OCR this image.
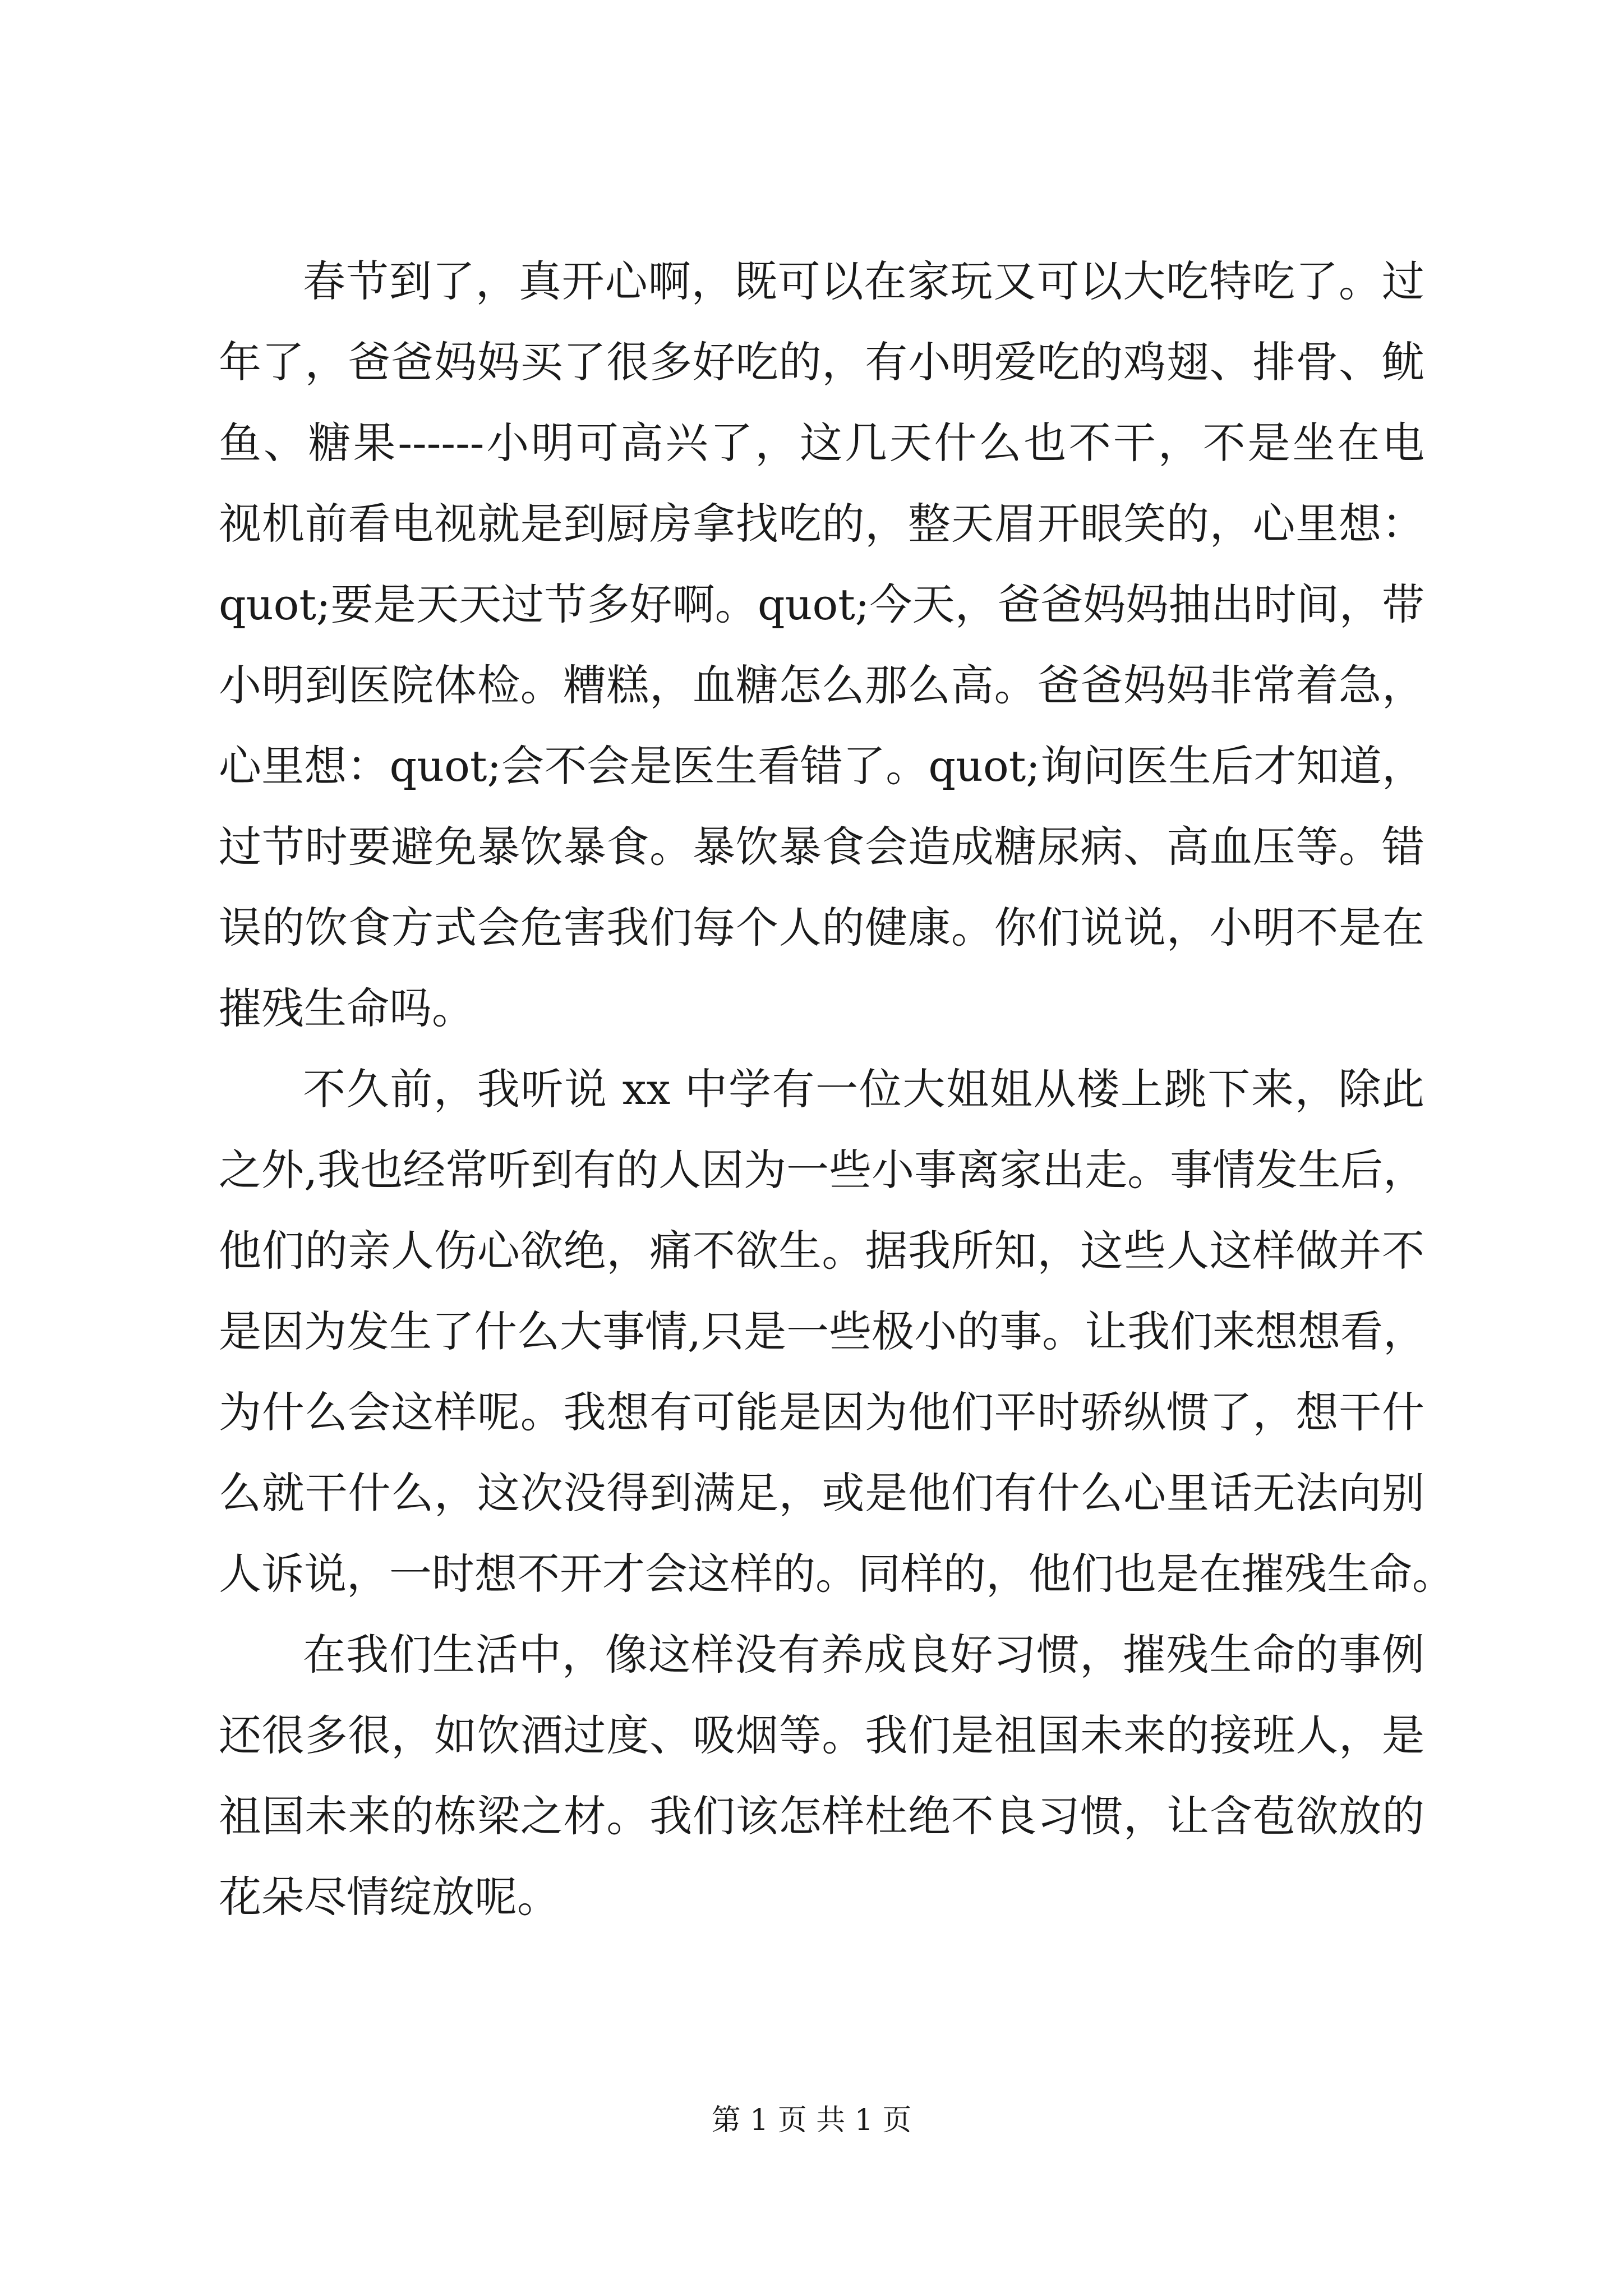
春节到了，真开心啊，既可以在家玩又可以大吃特吃了。过
年了，爸爸妈妈买了很多好吃的，有小明爱吃的鸡翅、排骨、鱿
鱼、糖果------小明可高兴了，这几天什么也不干，不是坐在电
视机前看电视就是到厨房拿找吃的，整天眉开眼笑的，心里想：
quot;要是天天过节多好啊。quot;今天，爸爸妈妈抽出时间，带
小明到医院体检。糟糕，血糖怎么那么高。爸爸妈妈非常着急，
心里想：quot;会不会是医生看错了。quot;询问医生后才知道，
过节时要避免暴饮暴食。暴饮暴食会造成糖尿病、高血压等。错
误的饮食方式会危害我们每个人的健康。你们说说，小明不是在
摧残生命吗。
不久前，我听说 xx 中学有一位大姐姐从楼上跳下来，除此
之外,我也经常听到有的人因为一些小事离家出走。事情发生后，
他们的亲人伤心欲绝，痛不欲生。据我所知，这些人这样做并不
是因为发生了什么大事情,只是一些极小的事。让我们来想想看，
为什么会这样呢。我想有可能是因为他们平时骄纵惯了，想干什
么就干什么，这次没得到满足，或是他们有什么心里话无法向别
人诉说，一时想不开才会这样的。同样的，他们也是在摧残生命。
在我们生活中，像这样没有养成良好习惯，摧残生命的事例
还很多很，如饮酒过度、吸烟等。我们是祖国未来的接班人，是
祖国未来的栋梁之材。我们该怎样杜绝不良习惯，让含苞欲放的
花朵尽情绽放呢。
第 1 页 共 1 页
